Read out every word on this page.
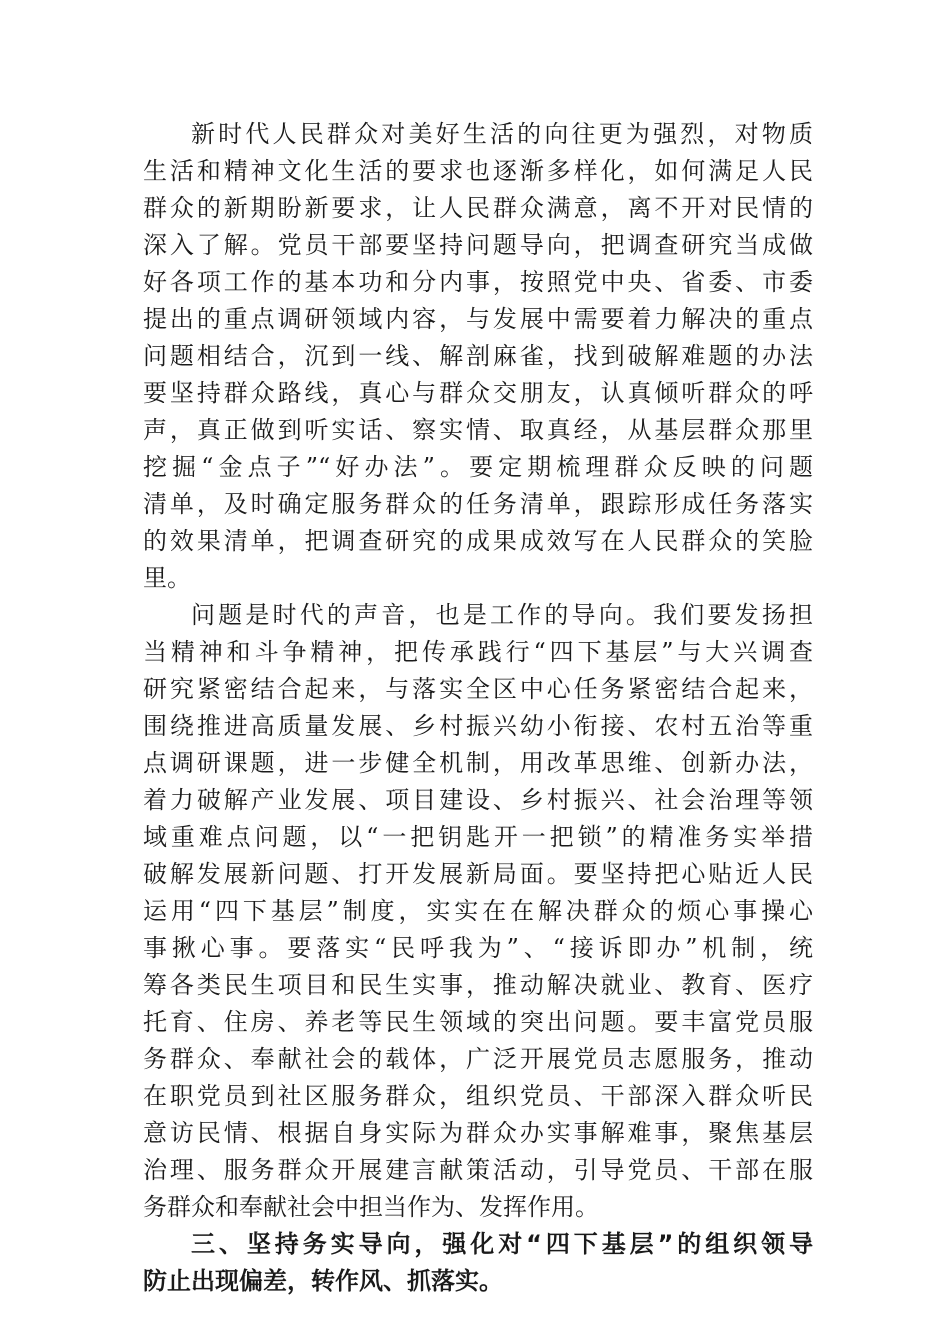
新时代人民群众对美好生活的向往更为强烈，对物质
生活和精神文化生活的要求也逐渐多样化，如何满足人民
群众的新期盼新要求，让人民群众满意，离不开对民情的
深入了解。党员干部要坚持问题导向，把调查研究当成做
好各项工作的基本功和分内事，按照党中央、省委、市委
提出的重点调研领域内容，与发展中需要着力解决的重点
问题相结合，沉到一线、解剖麻雀，找到破解难题的办法
要坚持群众路线，真心与群众交朋友，认真倾听群众的呼
声，真正做到听实话、察实情、取真经，从基层群众那里
挖掘“金点子”“好办法”。要定期梳理群众反映的问题
清单，及时确定服务群众的任务清单，跟踪形成任务落实
的效果清单，把调查研究的成果成效写在人民群众的笑脸
里。
问题是时代的声音，也是工作的导向。我们要发扬担
当精神和斗争精神，把传承践行“四下基层”与大兴调查
研究紧密结合起来，与落实全区中心任务紧密结合起来，
围绕推进高质量发展、乡村振兴幼小衔接、农村五治等重
点调研课题，进一步健全机制，用改革思维、创新办法，
着力破解产业发展、项目建设、乡村振兴、社会治理等领
域重难点问题，以“一把钥匙开一把锁”的精准务实举措
破解发展新问题、打开发展新局面。要坚持把心贴近人民
运用“四下基层”制度，实实在在解决群众的烦心事操心
事揪心事。要落实“民呼我为”、“接诉即办”机制，统
筹各类民生项目和民生实事，推动解决就业、教育、医疗
托育、住房、养老等民生领域的突出问题。要丰富党员服
务群众、奉献社会的载体，广泛开展党员志愿服务，推动
在职党员到社区服务群众，组织党员、干部深入群众听民
意访民情、根据自身实际为群众办实事解难事，聚焦基层
治理、服务群众开展建言献策活动，引导党员、干部在服
务群众和奉献社会中担当作为、发挥作用。
三、坚持务实导向，强化对“四下基层”的组织领导
防止出现偏差，转作风、抓落实。
